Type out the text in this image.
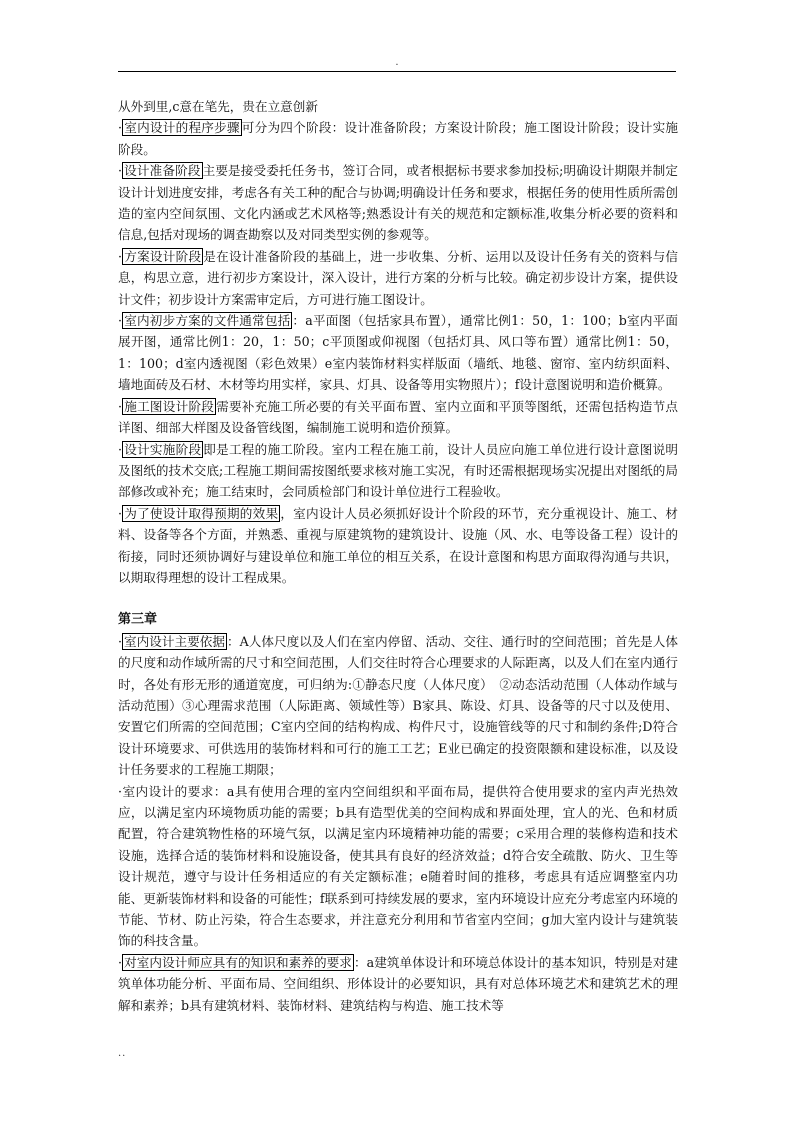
.

从外到里,c意在笔先，贵在立意创新

· 室内设计的程序步骤 可分为四个阶段：设计准备阶段；方案设计阶段；施工图设计阶段；设计实施阶段。

· 设计准备阶段 主要是接受委托任务书，签订合同，或者根据标书要求参加投标;明确设计期限并制定设计计划进度安排，考虑各有关工种的配合与协调;明确设计任务和要求，根据任务的使用性质所需创造的室内空间氛围、文化内涵或艺术风格等;熟悉设计有关的规范和定额标准,收集分析必要的资料和信息,包括对现场的调查勘察以及对同类型实例的参观等。

· 方案设计阶段 是在设计准备阶段的基础上，进一步收集、分析、运用以及设计任务有关的资料与信息，构思立意，进行初步方案设计，深入设计，进行方案的分析与比较。确定初步设计方案，提供设计文件；初步设计方案需审定后，方可进行施工图设计。

· 室内初步方案的文件通常包括 ：a平面图（包括家具布置），通常比例1：50，1：100；b室内平面展开图，通常比例1：20，1：50；c平顶图或仰视图（包括灯具、风口等布置）通常比例1：50，1：100；d室内透视图（彩色效果）e室内装饰材料实样版面（墙纸、地毯、窗帘、室内纺织面料、墙地面砖及石材、木材等均用实样，家具、灯具、设备等用实物照片）；f设计意图说明和造价概算。

· 施工图设计阶段 需要补充施工所必要的有关平面布置、室内立面和平顶等图纸，还需包括构造节点详图、细部大样图及设备管线图，编制施工说明和造价预算。

· 设计实施阶段 即是工程的施工阶段。室内工程在施工前，设计人员应向施工单位进行设计意图说明及图纸的技术交底;工程施工期间需按图纸要求核对施工实况，有时还需根据现场实况提出对图纸的局部修改或补充；施工结束时，会同质检部门和设计单位进行工程验收。

· 为了使设计取得预期的效果 ，室内设计人员必须抓好设计个阶段的环节，充分重视设计、施工、材料、设备等各个方面，并熟悉、重视与原建筑物的建筑设计、设施（风、水、电等设备工程）设计的衔接，同时还须协调好与建设单位和施工单位的相互关系，在设计意图和构思方面取得沟通与共识，以期取得理想的设计工程成果。

第三章

· 室内设计主要依据 ：A人体尺度以及人们在室内停留、活动、交往、通行时的空间范围；首先是人体的尺度和动作域所需的尺寸和空间范围，人们交往时符合心理要求的人际距离，以及人们在室内通行时，各处有形无形的通道宽度，可归纳为:①静态尺度（人体尺度）　②动态活动范围（人体动作域与活动范围）③心理需求范围（人际距离、领域性等）B家具、陈设、灯具、设备等的尺寸以及使用、安置它们所需的空间范围；C室内空间的结构构成、构件尺寸，设施管线等的尺寸和制约条件;D符合设计环境要求、可供选用的装饰材料和可行的施工工艺；E业已确定的投资限额和建设标准，以及设计任务要求的工程施工期限；

·室内设计的要求：a具有使用合理的室内空间组织和平面布局，提供符合使用要求的室内声光热效应，以满足室内环境物质功能的需要；b具有造型优美的空间构成和界面处理，宜人的光、色和材质配置，符合建筑物性格的环境气氛，以满足室内环境精神功能的需要；c采用合理的装修构造和技术设施，选择合适的装饰材料和设施设备，使其具有良好的经济效益；d符合安全疏散、防火、卫生等设计规范，遵守与设计任务相适应的有关定额标准；e随着时间的推移，考虑具有适应调整室内功能、更新装饰材料和设备的可能性；f联系到可持续发展的要求，室内环境设计应充分考虑室内环境的节能、节材、防止污染，符合生态要求，并注意充分利用和节省室内空间；g加大室内设计与建筑装饰的科技含量。

· 对室内设计师应具有的知识和素养的要求 ：a建筑单体设计和环境总体设计的基本知识，特别是对建筑单体功能分析、平面布局、空间组织、形体设计的必要知识，具有对总体环境艺术和建筑艺术的理解和素养；b具有建筑材料、装饰材料、建筑结构与构造、施工技术等

..
